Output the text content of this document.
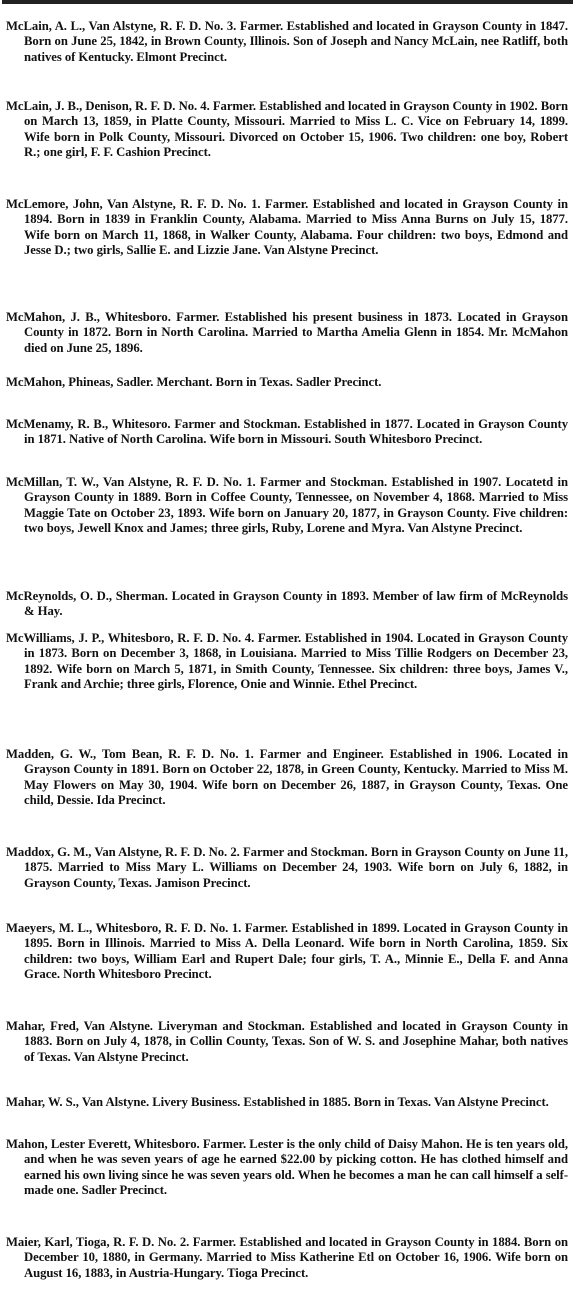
McLain, A. L., Van Alstyne, R. F. D. No. 3. Farmer. Established and located in Grayson County in 1847. Born on June 25, 1842, in Brown County, Illinois. Son of Joseph and Nancy McLain, nee Ratliff, both natives of Kentucky. Elmont Precinct.

McLain, J. B., Denison, R. F. D. No. 4. Farmer. Established and located in Grayson County in 1902. Born on March 13, 1859, in Platte County, Missouri. Married to Miss L. C. Vice on February 14, 1899. Wife born in Polk County, Missouri. Divorced on October 15, 1906. Two children: one boy, Robert R.; one girl, F. F. Cashion Precinct.

McLemore, John, Van Alstyne, R. F. D. No. 1. Farmer. Established and located in Grayson County in 1894. Born in 1839 in Franklin County, Alabama. Married to Miss Anna Burns on July 15, 1877. Wife born on March 11, 1868, in Walker County, Alabama. Four children: two boys, Edmond and Jesse D.; two girls, Sallie E. and Lizzie Jane. Van Alstyne Precinct.

McMahon, J. B., Whitesboro. Farmer. Established his present business in 1873. Located in Grayson County in 1872. Born in North Carolina. Married to Martha Amelia Glenn in 1854. Mr. McMahon died on June 25, 1896.

McMahon, Phineas, Sadler. Merchant. Born in Texas. Sadler Precinct.

McMenamy, R. B., Whitesoro. Farmer and Stockman. Established in 1877. Located in Grayson County in 1871. Native of North Carolina. Wife born in Missouri. South Whitesboro Precinct.

McMillan, T. W., Van Alstyne, R. F. D. No. 1. Farmer and Stockman. Established in 1907. Locatetd in Grayson County in 1889. Born in Coffee County, Tennessee, on November 4, 1868. Married to Miss Maggie Tate on October 23, 1893. Wife born on January 20, 1877, in Grayson County. Five children: two boys, Jewell Knox and James; three girls, Ruby, Lorene and Myra. Van Alstyne Precinct.

McReynolds, O. D., Sherman. Located in Grayson County in 1893. Member of law firm of McReynolds & Hay.

McWilliams, J. P., Whitesboro, R. F. D. No. 4. Farmer. Established in 1904. Located in Grayson County in 1873. Born on December 3, 1868, in Louisiana. Married to Miss Tillie Rodgers on December 23, 1892. Wife born on March 5, 1871, in Smith County, Tennessee. Six children: three boys, James V., Frank and Archie; three girls, Florence, Onie and Winnie. Ethel Precinct.

Madden, G. W., Tom Bean, R. F. D. No. 1. Farmer and Engineer. Established in 1906. Located in Grayson County in 1891. Born on October 22, 1878, in Green County, Kentucky. Married to Miss M. May Flowers on May 30, 1904. Wife born on December 26, 1887, in Grayson County, Texas. One child, Dessie. Ida Precinct.

Maddox, G. M., Van Alstyne, R. F. D. No. 2. Farmer and Stockman. Born in Grayson County on June 11, 1875. Married to Miss Mary L. Williams on December 24, 1903. Wife born on July 6, 1882, in Grayson County, Texas. Jamison Precinct.

Maeyers, M. L., Whitesboro, R. F. D. No. 1. Farmer. Established in 1899. Located in Grayson County in 1895. Born in Illinois. Married to Miss A. Della Leonard. Wife born in North Carolina, 1859. Six children: two boys, William Earl and Rupert Dale; four girls, T. A., Minnie E., Della F. and Anna Grace. North Whitesboro Precinct.

Mahar, Fred, Van Alstyne. Liveryman and Stockman. Established and located in Grayson County in 1883. Born on July 4, 1878, in Collin County, Texas. Son of W. S. and Josephine Mahar, both natives of Texas. Van Alstyne Precinct.

Mahar, W. S., Van Alstyne. Livery Business. Established in 1885. Born in Texas. Van Alstyne Precinct.

Mahon, Lester Everett, Whitesboro. Farmer. Lester is the only child of Daisy Mahon. He is ten years old, and when he was seven years of age he earned $22.00 by picking cotton. He has clothed himself and earned his own living since he was seven years old. When he becomes a man he can call himself a self-made one. Sadler Precinct.

Maier, Karl, Tioga, R. F. D. No. 2. Farmer. Established and located in Grayson County in 1884. Born on December 10, 1880, in Germany. Married to Miss Katherine Etl on October 16, 1906. Wife born on August 16, 1883, in Austria-Hungary. Tioga Precinct.
